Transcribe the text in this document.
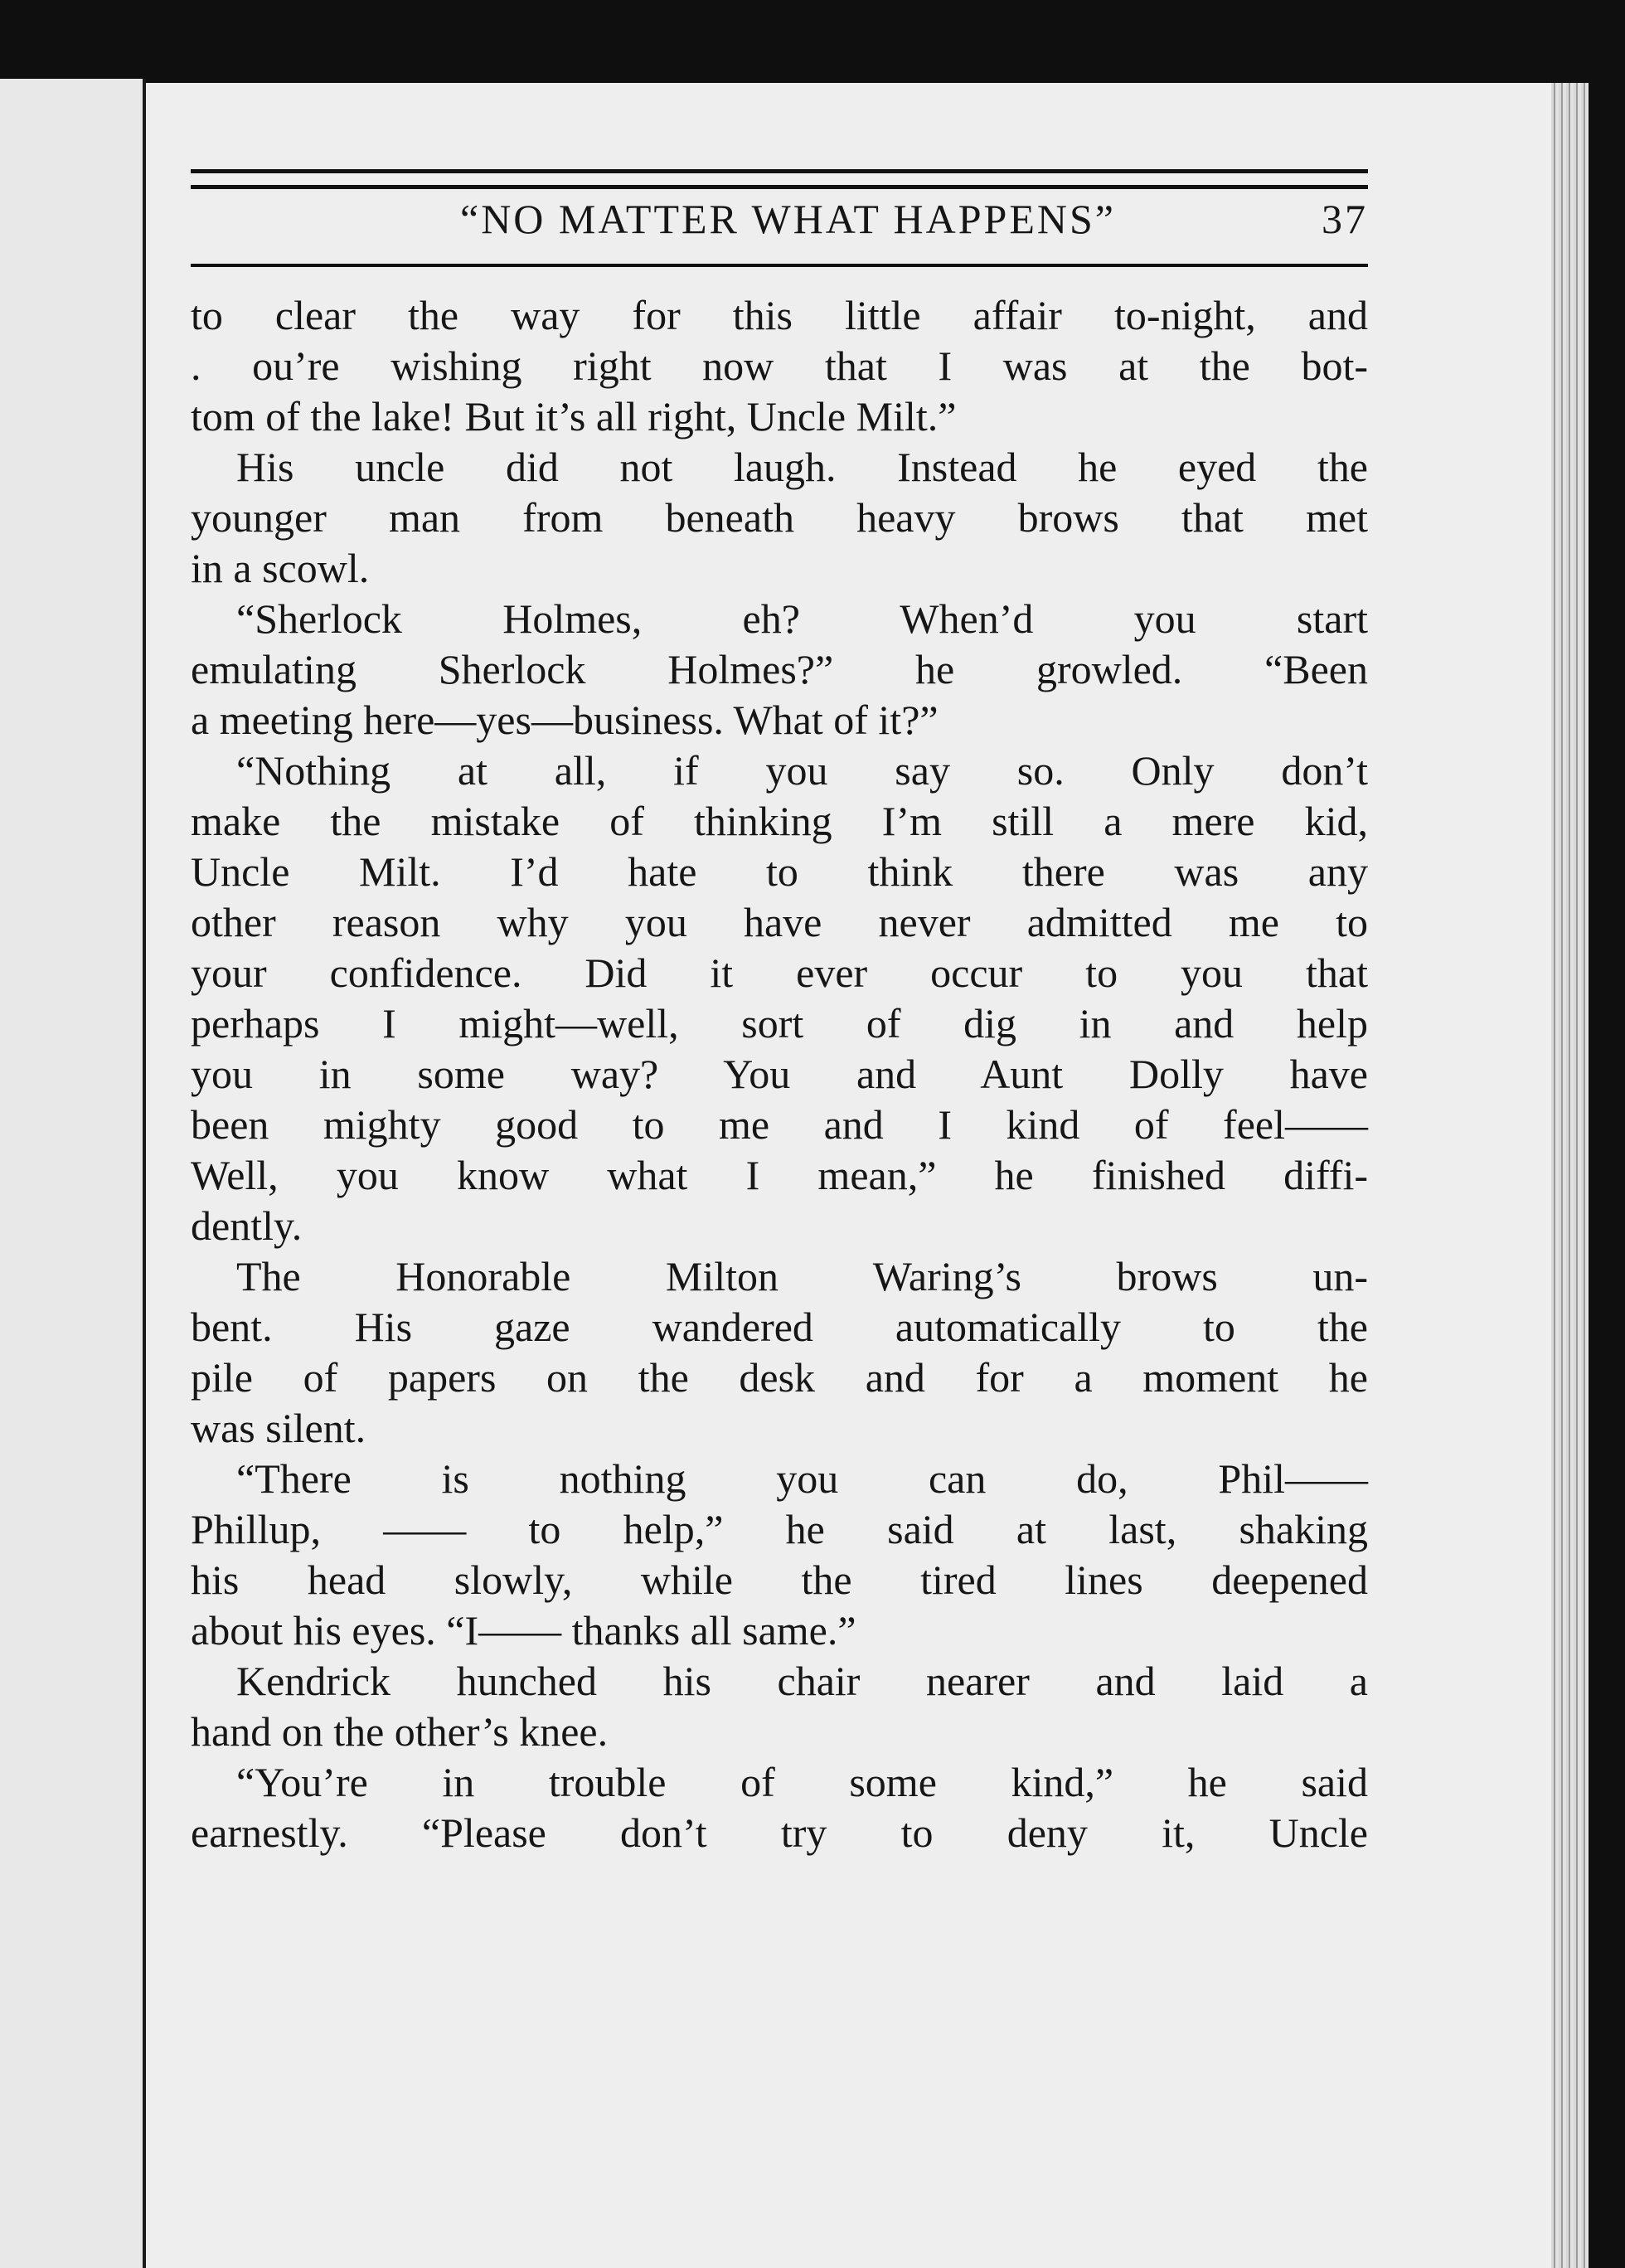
“NO MATTER WHAT HAPPENS”	37
to clear the way for this little affair to-night, and
. ou’re wishing right now that I was at the bot-
tom of the lake! But it’s all right, Uncle Milt.”
His uncle did not laugh. Instead he eyed the
younger man from beneath heavy brows that met
in a scowl.
“Sherlock Holmes, eh? When’d you start
emulating Sherlock Holmes?” he growled. “Been
a meeting here—yes—business. What of it?”
“Nothing at all, if you say so. Only don’t
make the mistake of thinking I’m still a mere kid,
Uncle Milt. I’d hate to think there was any
other reason why you have never admitted me to
your confidence. Did it ever occur to you that
perhaps I might—well, sort of dig in and help
you in some way? You and Aunt Dolly have
been mighty good to me and I kind of feel——
Well, you know what I mean,” he finished diffi-
dently.
The Honorable Milton Waring’s brows un-
bent. His gaze wandered automatically to the
pile of papers on the desk and for a moment he
was silent.
“There is nothing you can do, Phil——
Phillup, —— to help,” he said at last, shaking
his head slowly, while the tired lines deepened
about his eyes. “I—— thanks all same.”
Kendrick hunched his chair nearer and laid a
hand on the other’s knee.
“You’re in trouble of some kind,” he said
earnestly. “Please don’t try to deny it, Uncle
